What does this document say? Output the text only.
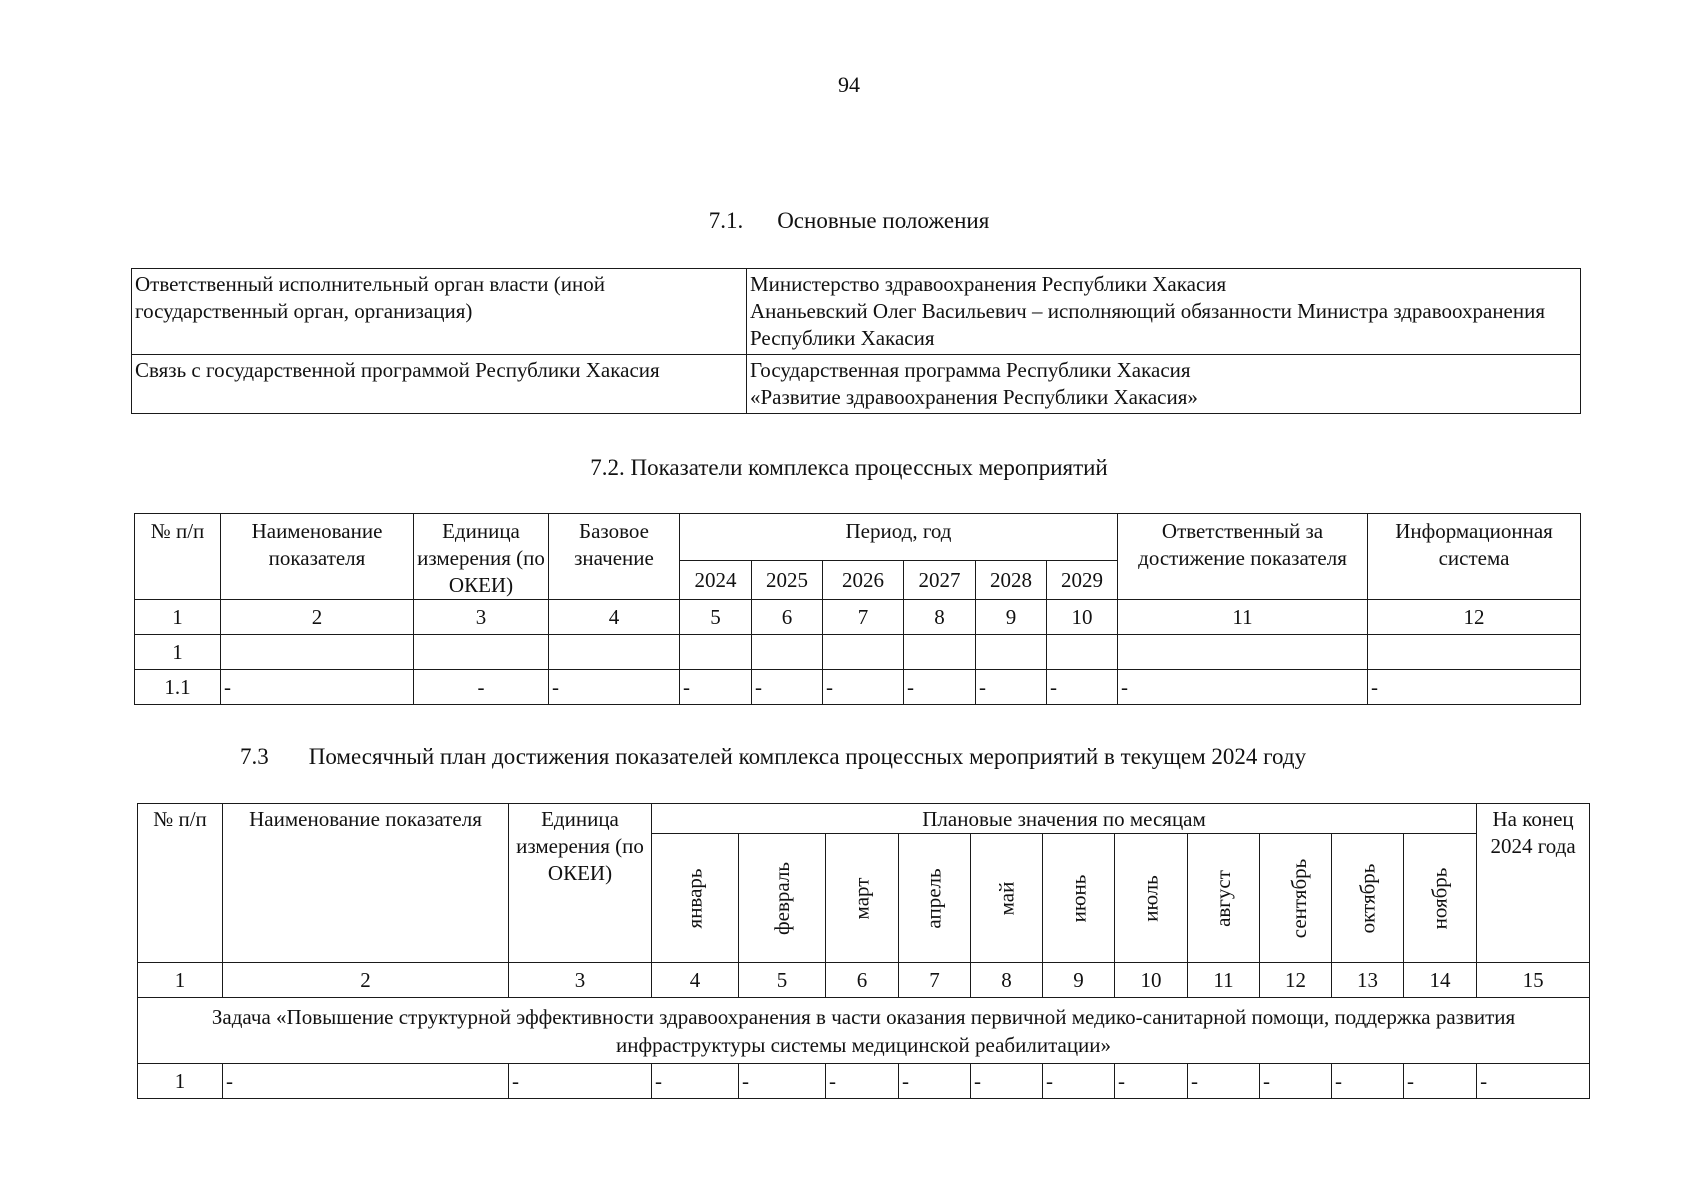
94
7.1. Основные положения
Ответственный исполнительный орган власти (иной государственный орган, организация)	Министерство здравоохранения Республики Хакасия
Ананьевский Олег Васильевич – исполняющий обязанности Министра здравоохранения Республики Хакасия

Связь с государственной программой Республики Хакасия	Государственная программа Республики Хакасия
«Развитие здравоохранения Республики Хакасия»
7.2. Показатели комплекса процессных мероприятий
№ п/п	Наименование показателя	Единица измерения (по ОКЕИ)	Базовое значение	Период, год						Ответственный за достижение показателя	Информационная система
				2024	2025	2026	2027	2028	2029		
1	2	3	4	5	6	7	8	9	10	11	12
1											
1.1	-	-	-	-	-	-	-	-	-	-	-
7.3 Помесячный план достижения показателей комплекса процессных мероприятий в текущем 2024 году
№ п/п	Наименование показателя	Единица измерения (по ОКЕИ)	Плановые значения по месяцам											На конец 2024 года
			январь	февраль	март	апрель	май	июнь	июль	август	сентябрь	октябрь	ноябрь	
1	2	3	4	5	6	7	8	9	10	11	12	13	14	15
Задача «Повышение структурной эффективности здравоохранения в части оказания первичной медико-санитарной помощи, поддержка развития инфраструктуры системы медицинской реабилитации»														
1	-	-	-	-	-	-	-	-	-	-	-	-	-	-
